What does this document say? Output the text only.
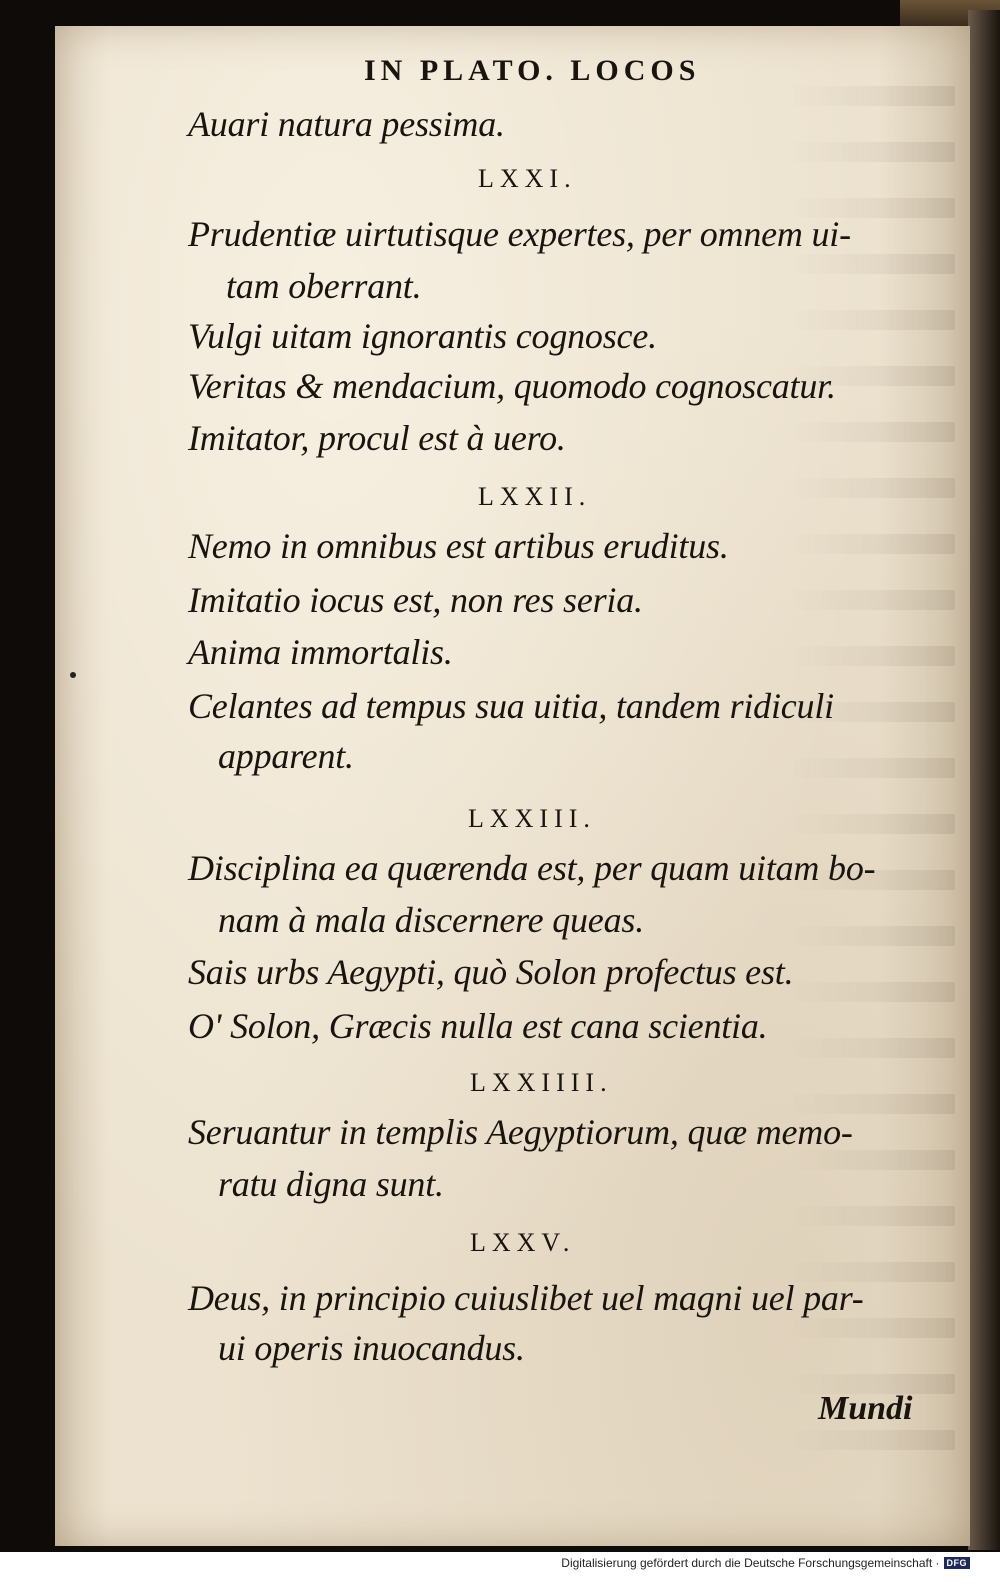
IN PLATO. LOCOS
Auari natura pessima.
LXXI.
Prudentiæ uirtutisque expertes, per omnem ui-
tam oberrant.
Vulgi uitam ignorantis cognosce.
Veritas & mendacium, quomodo cognoscatur.
Imitator, procul est à uero.
LXXII.
Nemo in omnibus est artibus eruditus.
Imitatio iocus est, non res seria.
Anima immortalis.
Celantes ad tempus sua uitia, tandem ridiculi
apparent.
LXXIII.
Disciplina ea quærenda est, per quam uitam bo-
nam à mala discernere queas.
Sais urbs Aegypti, quò Solon profectus est.
O' Solon, Græcis nulla est cana scientia.
LXXIIII.
Seruantur in templis Aegyptiorum, quæ memo-
ratu digna sunt.
LXXV.
Deus, in principio cuiuslibet uel magni uel par-
ui operis inuocandus.
Mundi
Digitalisierung gefördert durch die Deutsche Forschungsgemeinschaft · DFG
